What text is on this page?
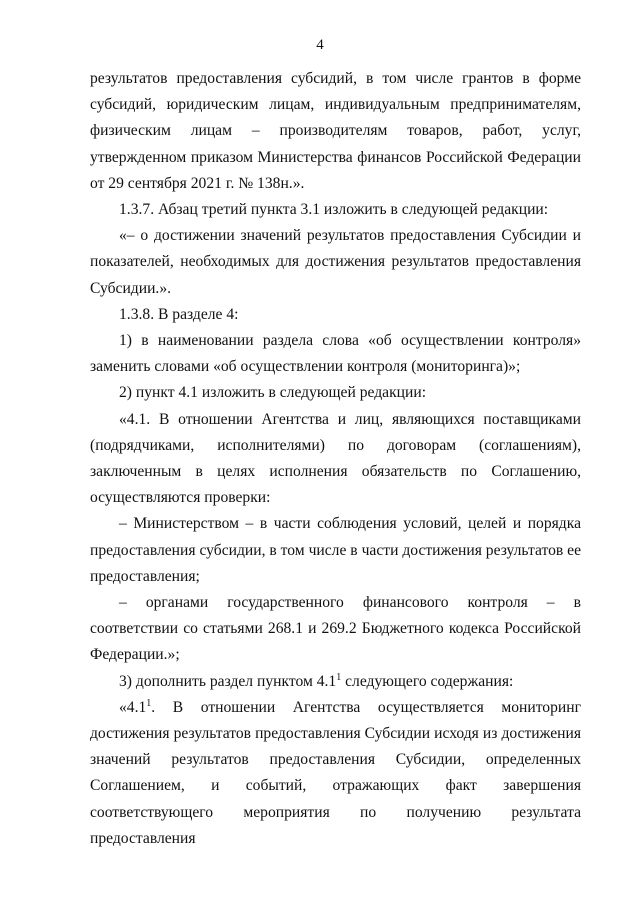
4

результатов предоставления субсидий, в том числе грантов в форме субсидий, юридическим лицам, индивидуальным предпринимателям, физическим лицам – производителям товаров, работ, услуг, утвержденном приказом Министерства финансов Российской Федерации от 29 сентября 2021 г. № 138н.».

1.3.7. Абзац третий пункта 3.1 изложить в следующей редакции:

«– о достижении значений результатов предоставления Субсидии и показателей, необходимых для достижения результатов предоставления Субсидии.».

1.3.8. В разделе 4:

1) в наименовании раздела слова «об осуществлении контроля» заменить словами «об осуществлении контроля (мониторинга)»;

2) пункт 4.1 изложить в следующей редакции:

«4.1. В отношении Агентства и лиц, являющихся поставщиками (подрядчиками, исполнителями) по договорам (соглашениям), заключенным в целях исполнения обязательств по Соглашению, осуществляются проверки:

– Министерством – в части соблюдения условий, целей и порядка предоставления субсидии, в том числе в части достижения результатов ее предоставления;

– органами государственного финансового контроля – в соответствии со статьями 268.1 и 269.2 Бюджетного кодекса Российской Федерации.»;

3) дополнить раздел пунктом $4.1^1$ следующего содержания:

«$4.1^1$. В отношении Агентства осуществляется мониторинг достижения результатов предоставления Субсидии исходя из достижения значений результатов предоставления Субсидии, определенных Соглашением, и событий, отражающих факт завершения соответствующего мероприятия по получению результата предоставления
